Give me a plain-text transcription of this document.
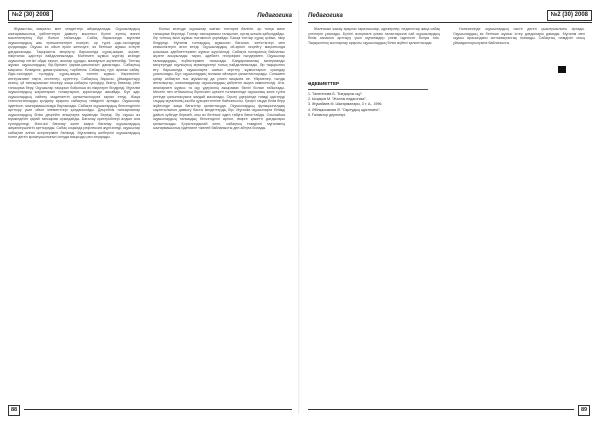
№2 (30) 2008	Педагогика

Жұмыстың мақсаты мен міндеттері айқындалады. Оқушылардың шығармашылық қабілеттерін дамыту мәселесі бүгінгі күннің өзекті мәселелерінің бірі болып табылады. Сабақ барысында мұғалім оқушылардың жас ерекшеліктерін ескеріп, әр түрлі әдіс-тәсілдерді қолданады. Оқушы өз ойын еркін жеткізуге, өз бетінше жұмыс істеуге дағдыланады. Тақырыпты меңгерту барысында сұрақ-жауап, әңгіме, пікірталас әдістері пайдаланылады. Мәтінмен жұмыс жүргізу кезінде оқушылар негізгі ойды тауып, жоспар құрады, мазмұнын әңгімелейді. Топтық жұмыс оқушылардың бір-бірімен қарым-қатынасын дамытады. Сабақтың мақсаты: білімділік, дамытушылық, тәрбиелік. Сабақтың түрі: аралас сабақ. Әдіс-тәсілдері: түсіндіру, сұрақ-жауап, топпен жұмыс. Көрнекілігі: интерактивті тақта, кестелер, суреттер. Сабақтың барысы: ұйымдастыру кезеңі, үй тапсырмасын тексеру, жаңа сабақты түсіндіру, бекіту, бағалау, үйге тапсырма беру. Оқушылар тақырып бойынша өз пікірлерін білдіреді. Мұғалім оқушылардың жауаптарын толықтырып, қорытынды жасайды. Бұл әдіс оқушылардың сөйлеу мәдениетін қалыптастыруға ықпал етеді. Жаңа технологияларды қолдану арқылы сабақтың тиімділігі артады. Оқушылар ізденіске, шығармашылыққа баулынады. Сабақта оқушылардың белсенділігін арттыру үшін ойын элементтері қолданылады. Деңгейлік тапсырмалар оқушылардың білім деңгейін анықтауға мүмкіндік береді. Әр оқушы өз мүмкіндігіне қарай тапсырма орындайды. Бағалау критерийлері алдын ала түсіндіріледі. Өзін-өзі бағалау және өзара бағалау оқушылардың жауапкершілігін арттырады. Сабақ соңында рефлексия жүргізіледі, оқушылар сабақтан алған әсерлерімен бөліседі. Мұғалімнің шеберлігі оқушылардың пәнге деген қызығушылығын оятуда маңызды рөл атқарады.

Екінші кезеңде оқушылар шағын топтарға бөлініп, әр топқа жеке тапсырма беріледі. Топтар тапсырманы талқылап, ортақ шешім қабылдайды. Әр топтың өкілі жұмыс нәтижесін қорғайды. Басқа топтар сұрақ қойып, пікір білдіреді. Мұғалім топтардың жұмысын бағалап, жетістіктері мен кемшіліктерін атап өтеді. Оқушылардың ой-өрісін кеңейту мақсатында қосымша әдебиеттермен жұмыс жүргізіледі. Сабақта пәнаралық байланыс жүзеге асырылады: тарих, әдебиет, география пәндерімен. Оқушылар ғалымдардың еңбектерімен танысады. Бағдарламалық материалды меңгертуде оқулықтың мүмкіндіктері толық пайдаланылады. Әр тақырыпты өту барысында оқушыларға шағын зерттеу жұмыстарын орындау ұсынылады. Бұл оқушылардың ғылыми ойлауын қалыптастырады. Сонымен қатар сабақтан тыс жұмыстар да үлкен маңызға ие. Үйірмелер, пәндік апталықтар, олимпиадалар оқушылардың қабілетін ашуға көмектеседі. Ата-аналармен жұмыс та оқу үдерісінің ажырамас бөлігі болып табылады. Мектеп пен отбасының бірлескен әрекеті нәтижесінде оқушының жеке тұлға ретінде қалыптасуына жағдай жасалады. Оқыту үдерісінде тиімді әдістерді таңдау мұғалімнің кәсіби құзыреттілігіне байланысты. Қазіргі таңда білім беру жүйесінде жаңа бағыттар қалыптасуда. Оқушылардың функционалдық сауаттылығын дамыту басты міндеттердің бірі. Мұғалім оқушыларға білімді дайын күйінде бермей, оны өз бетінше іздеп табуға бағыттайды. Осылайша оқушылардың танымдық белсенділігі артып, өмірге қажетті дағдылары қалыптасады. Қорытындылай келе, сабақтың тиімділігі мұғалімнің шығармашылық ізденісіне тікелей байланысты деп айтуға болады.

88
Педагогика	№2 (30) 2008

Жалғасын жасау арқылы тарихшылар, әдіскерлер, педагогтар жаңа сабақ үлгілерін ұсынады. Бүгінгі өзгермелі қоғам талаптарына сай оқушылардың білім сапасын арттыру үшін мұғалімдер үнемі ізденісте болуы тиіс. Тақырыптық жоспарлау арқылы оқушылардың білім жүйесі қалыптасады.

Нәтижесінде оқушылардың пәнге деген қызығушылығы артады. Оқушылардың өз бетінше жұмыс істеу дағдылары дамиды. Мұғалім мен оқушы арасындағы ынтымақтастық нығаяды. Сабақтың тиімділігі оның ұйымдастырылуына байланысты.

ӘДЕБИЕТТЕР
1. Төлегенова Б. "Бағдарлы оқу".
2. Ысқақов М. "Жалпы педагогика".
3. Жұмабаев М. Шығармалары, 3 т. А., 1996.
4. Әбілқасымова Ә. "Оқытудың әдістемесі".
5. Ғаламтор деректері.
89
